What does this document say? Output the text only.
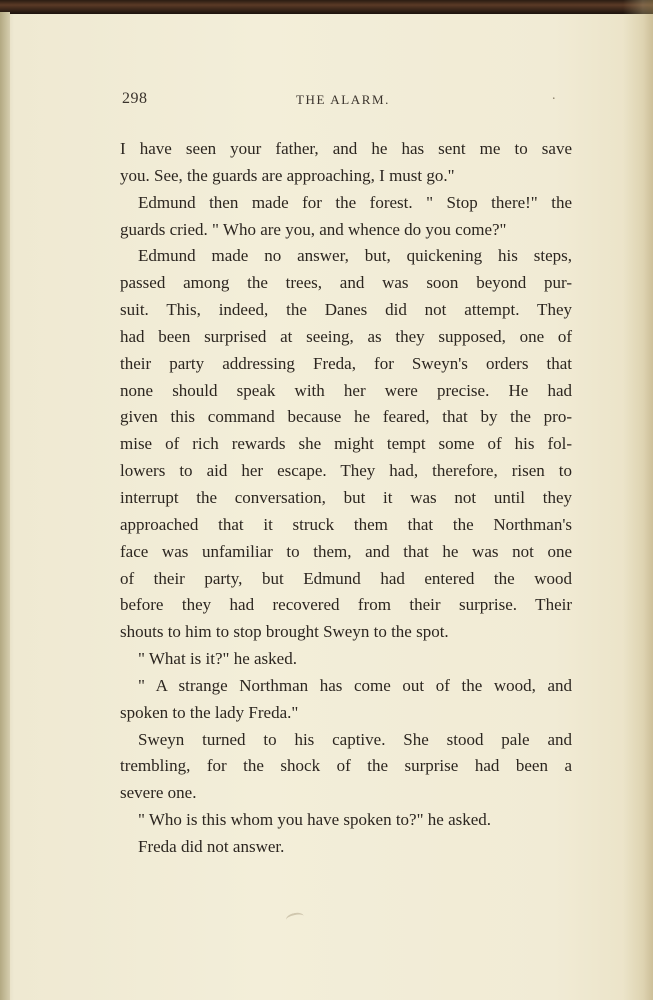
298	THE ALARM.	.

I have seen your father, and he has sent me to save
you. See, the guards are approaching, I must go."

Edmund then made for the forest. " Stop there!" the
guards cried. " Who are you, and whence do you come?"

Edmund made no answer, but, quickening his steps,
passed among the trees, and was soon beyond pur-
suit. This, indeed, the Danes did not attempt. They
had been surprised at seeing, as they supposed, one of
their party addressing Freda, for Sweyn's orders that
none should speak with her were precise. He had
given this command because he feared, that by the pro-
mise of rich rewards she might tempt some of his fol-
lowers to aid her escape. They had, therefore, risen to
interrupt the conversation, but it was not until they
approached that it struck them that the Northman's
face was unfamiliar to them, and that he was not one
of their party, but Edmund had entered the wood
before they had recovered from their surprise. Their
shouts to him to stop brought Sweyn to the spot.

" What is it?" he asked.

" A strange Northman has come out of the wood, and
spoken to the lady Freda."

Sweyn turned to his captive. She stood pale and
trembling, for the shock of the surprise had been a
severe one.

" Who is this whom you have spoken to?" he asked.

Freda did not answer.
